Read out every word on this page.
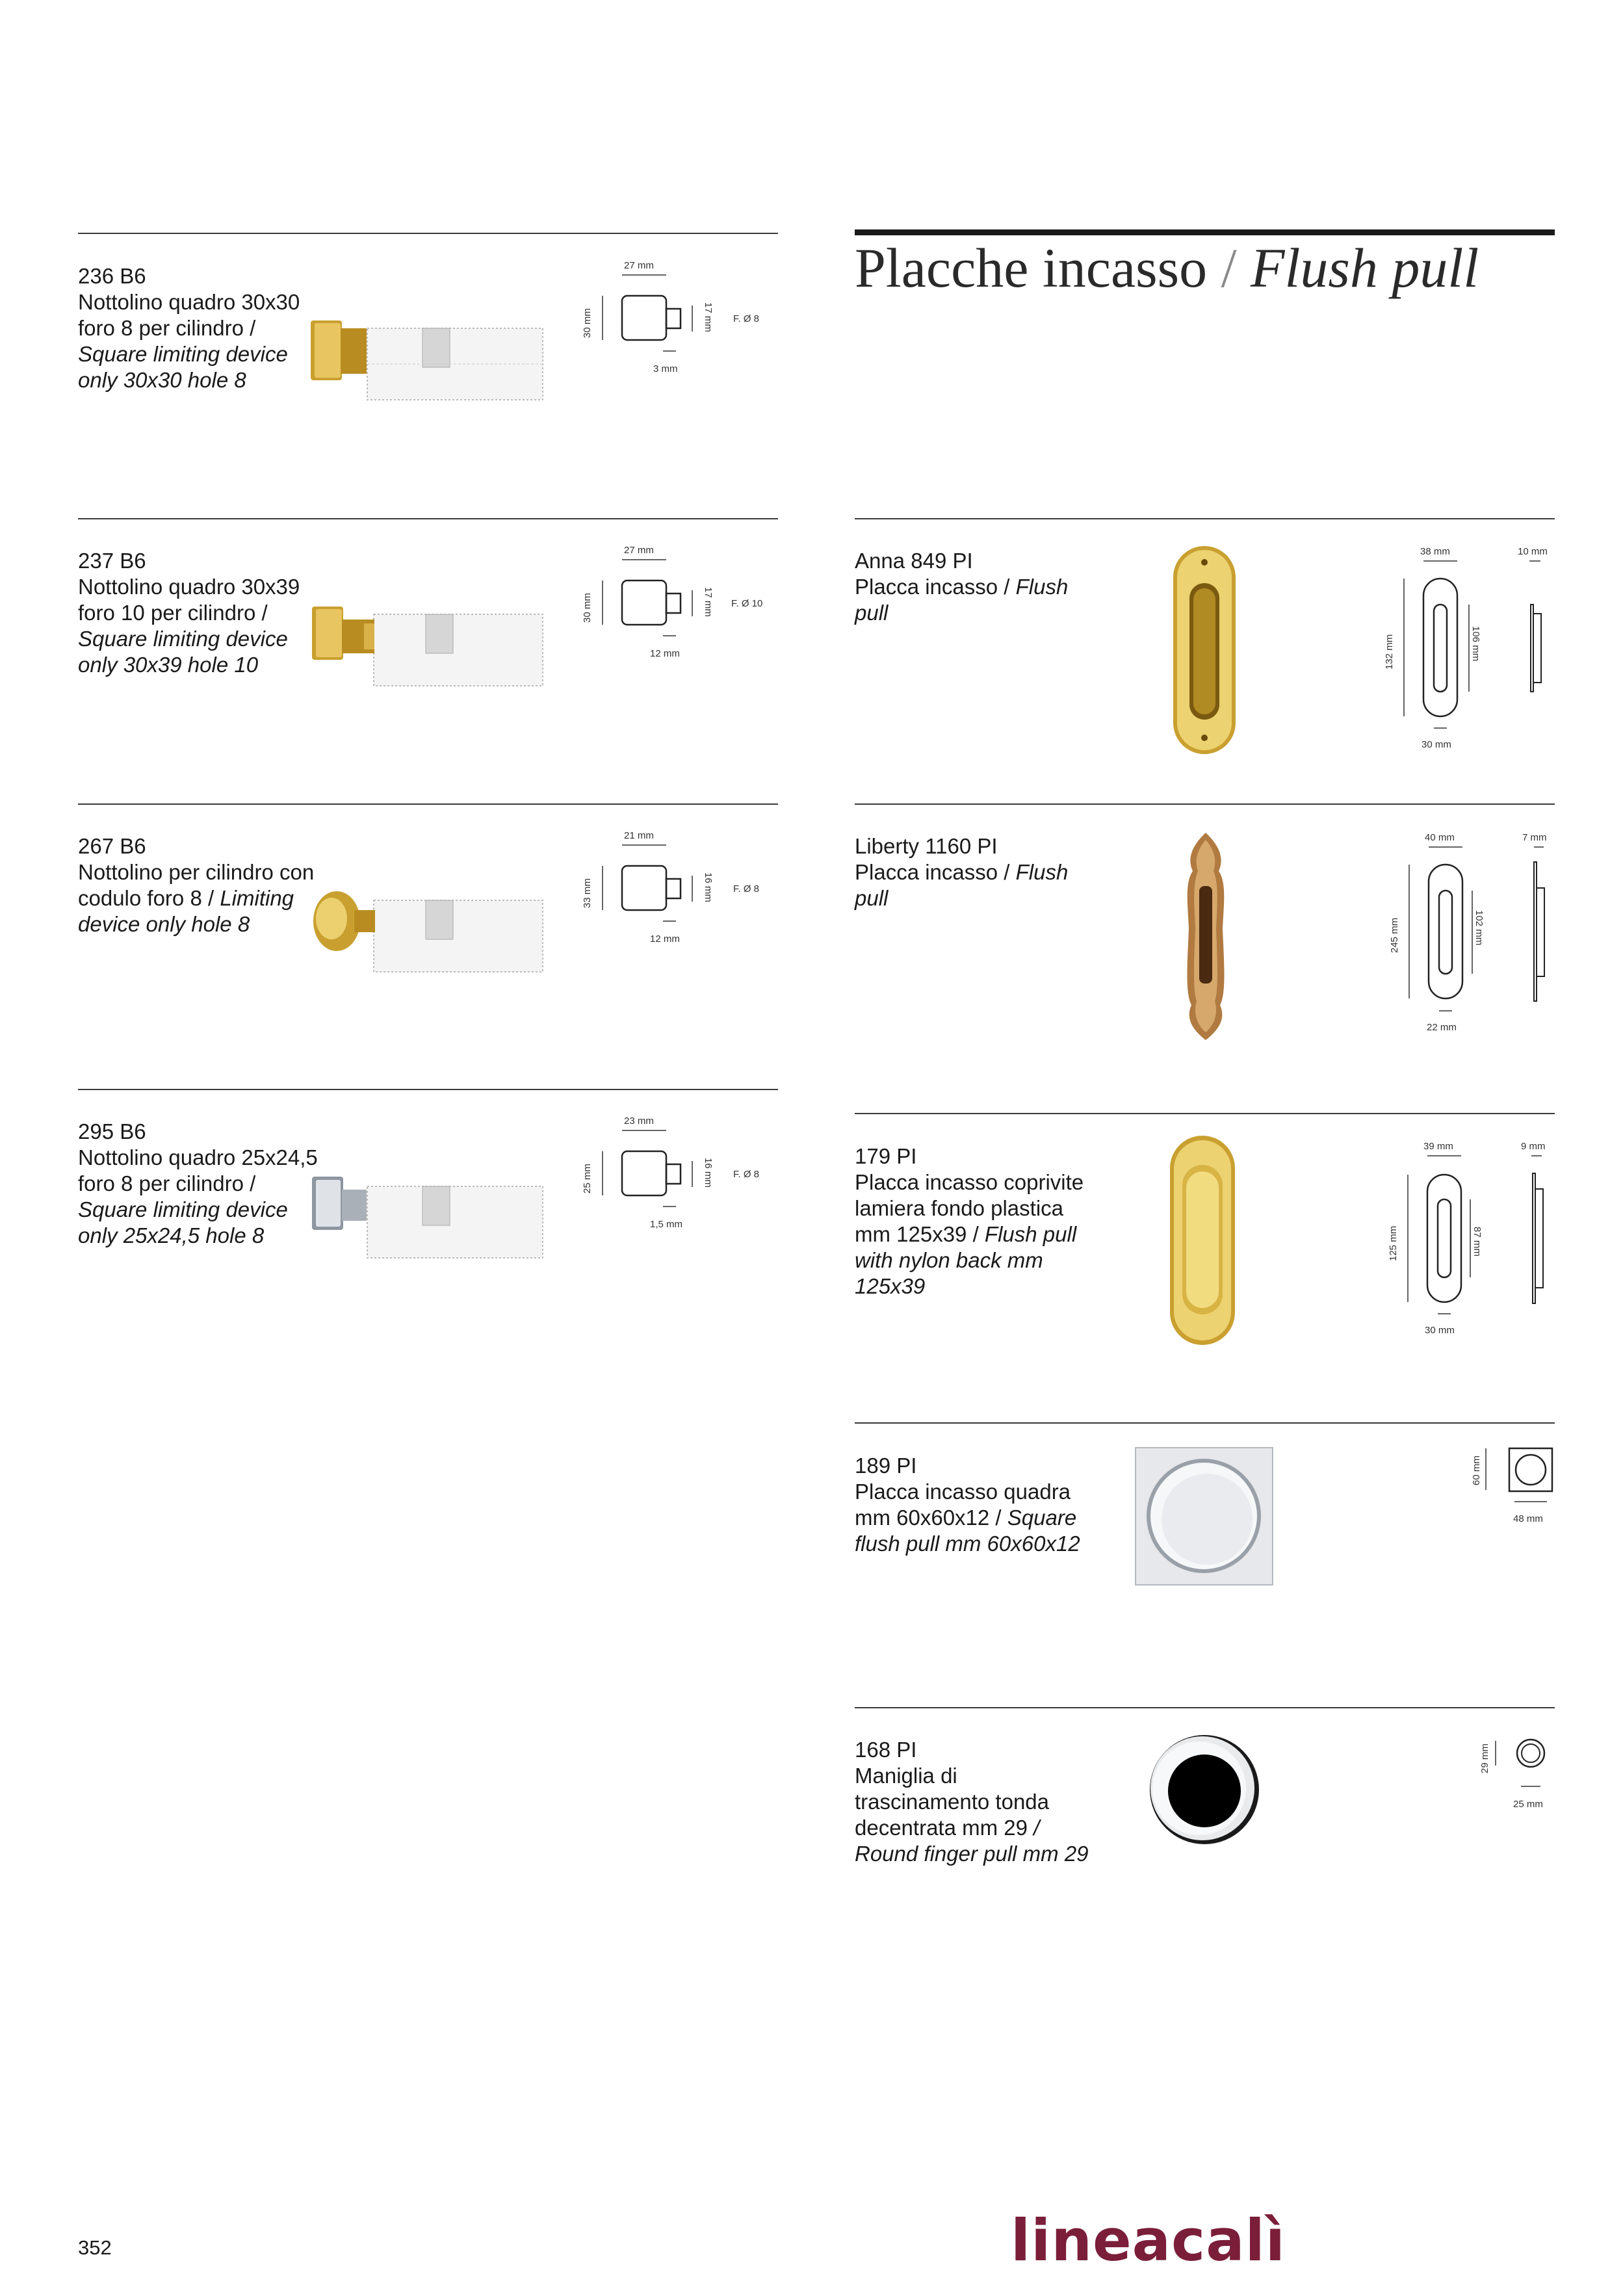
Placche incasso / Flush pull
236 B6
Nottolino quadro 30x30 foro 8 per cilindro / Square limiting device only 30x30 hole 8
27 mm
30 mm	17 mm F. Ø 8
3 mm
237 B6
Nottolino quadro 30x39 foro 10 per cilindro / Square limiting device only 30x39 hole 10
27 mm
30 mm	17 mm F. Ø 10
12 mm
267 B6
Nottolino per cilindro con codulo foro 8 / Limiting device only hole 8
21 mm
33 mm	16 mm F. Ø 8
12 mm
295 B6
Nottolino quadro 25x24,5 foro 8 per cilindro / Square limiting device only 25x24,5 hole 8
23 mm
25 mm	16 mm F. Ø 8
1,5 mm
Anna 849 PI
Placca incasso / Flush pull
38 mm	10 mm
132 mm	106 mm
30 mm
Liberty 1160 PI
Placca incasso / Flush pull
40 mm	7 mm
245 mm	102 mm
22 mm
179 PI
Placca incasso coprivite lamiera fondo plastica mm 125x39 / Flush pull with nylon back mm 125x39
39 mm	9 mm
125 mm	87 mm
30 mm
189 PI
Placca incasso quadra mm 60x60x12 / Square flush pull mm 60x60x12
60 mm
48 mm
168 PI
Maniglia di trascinamento tonda decentrata mm 29 / Round finger pull mm 29
29 mm
25 mm
352	lineacalì
